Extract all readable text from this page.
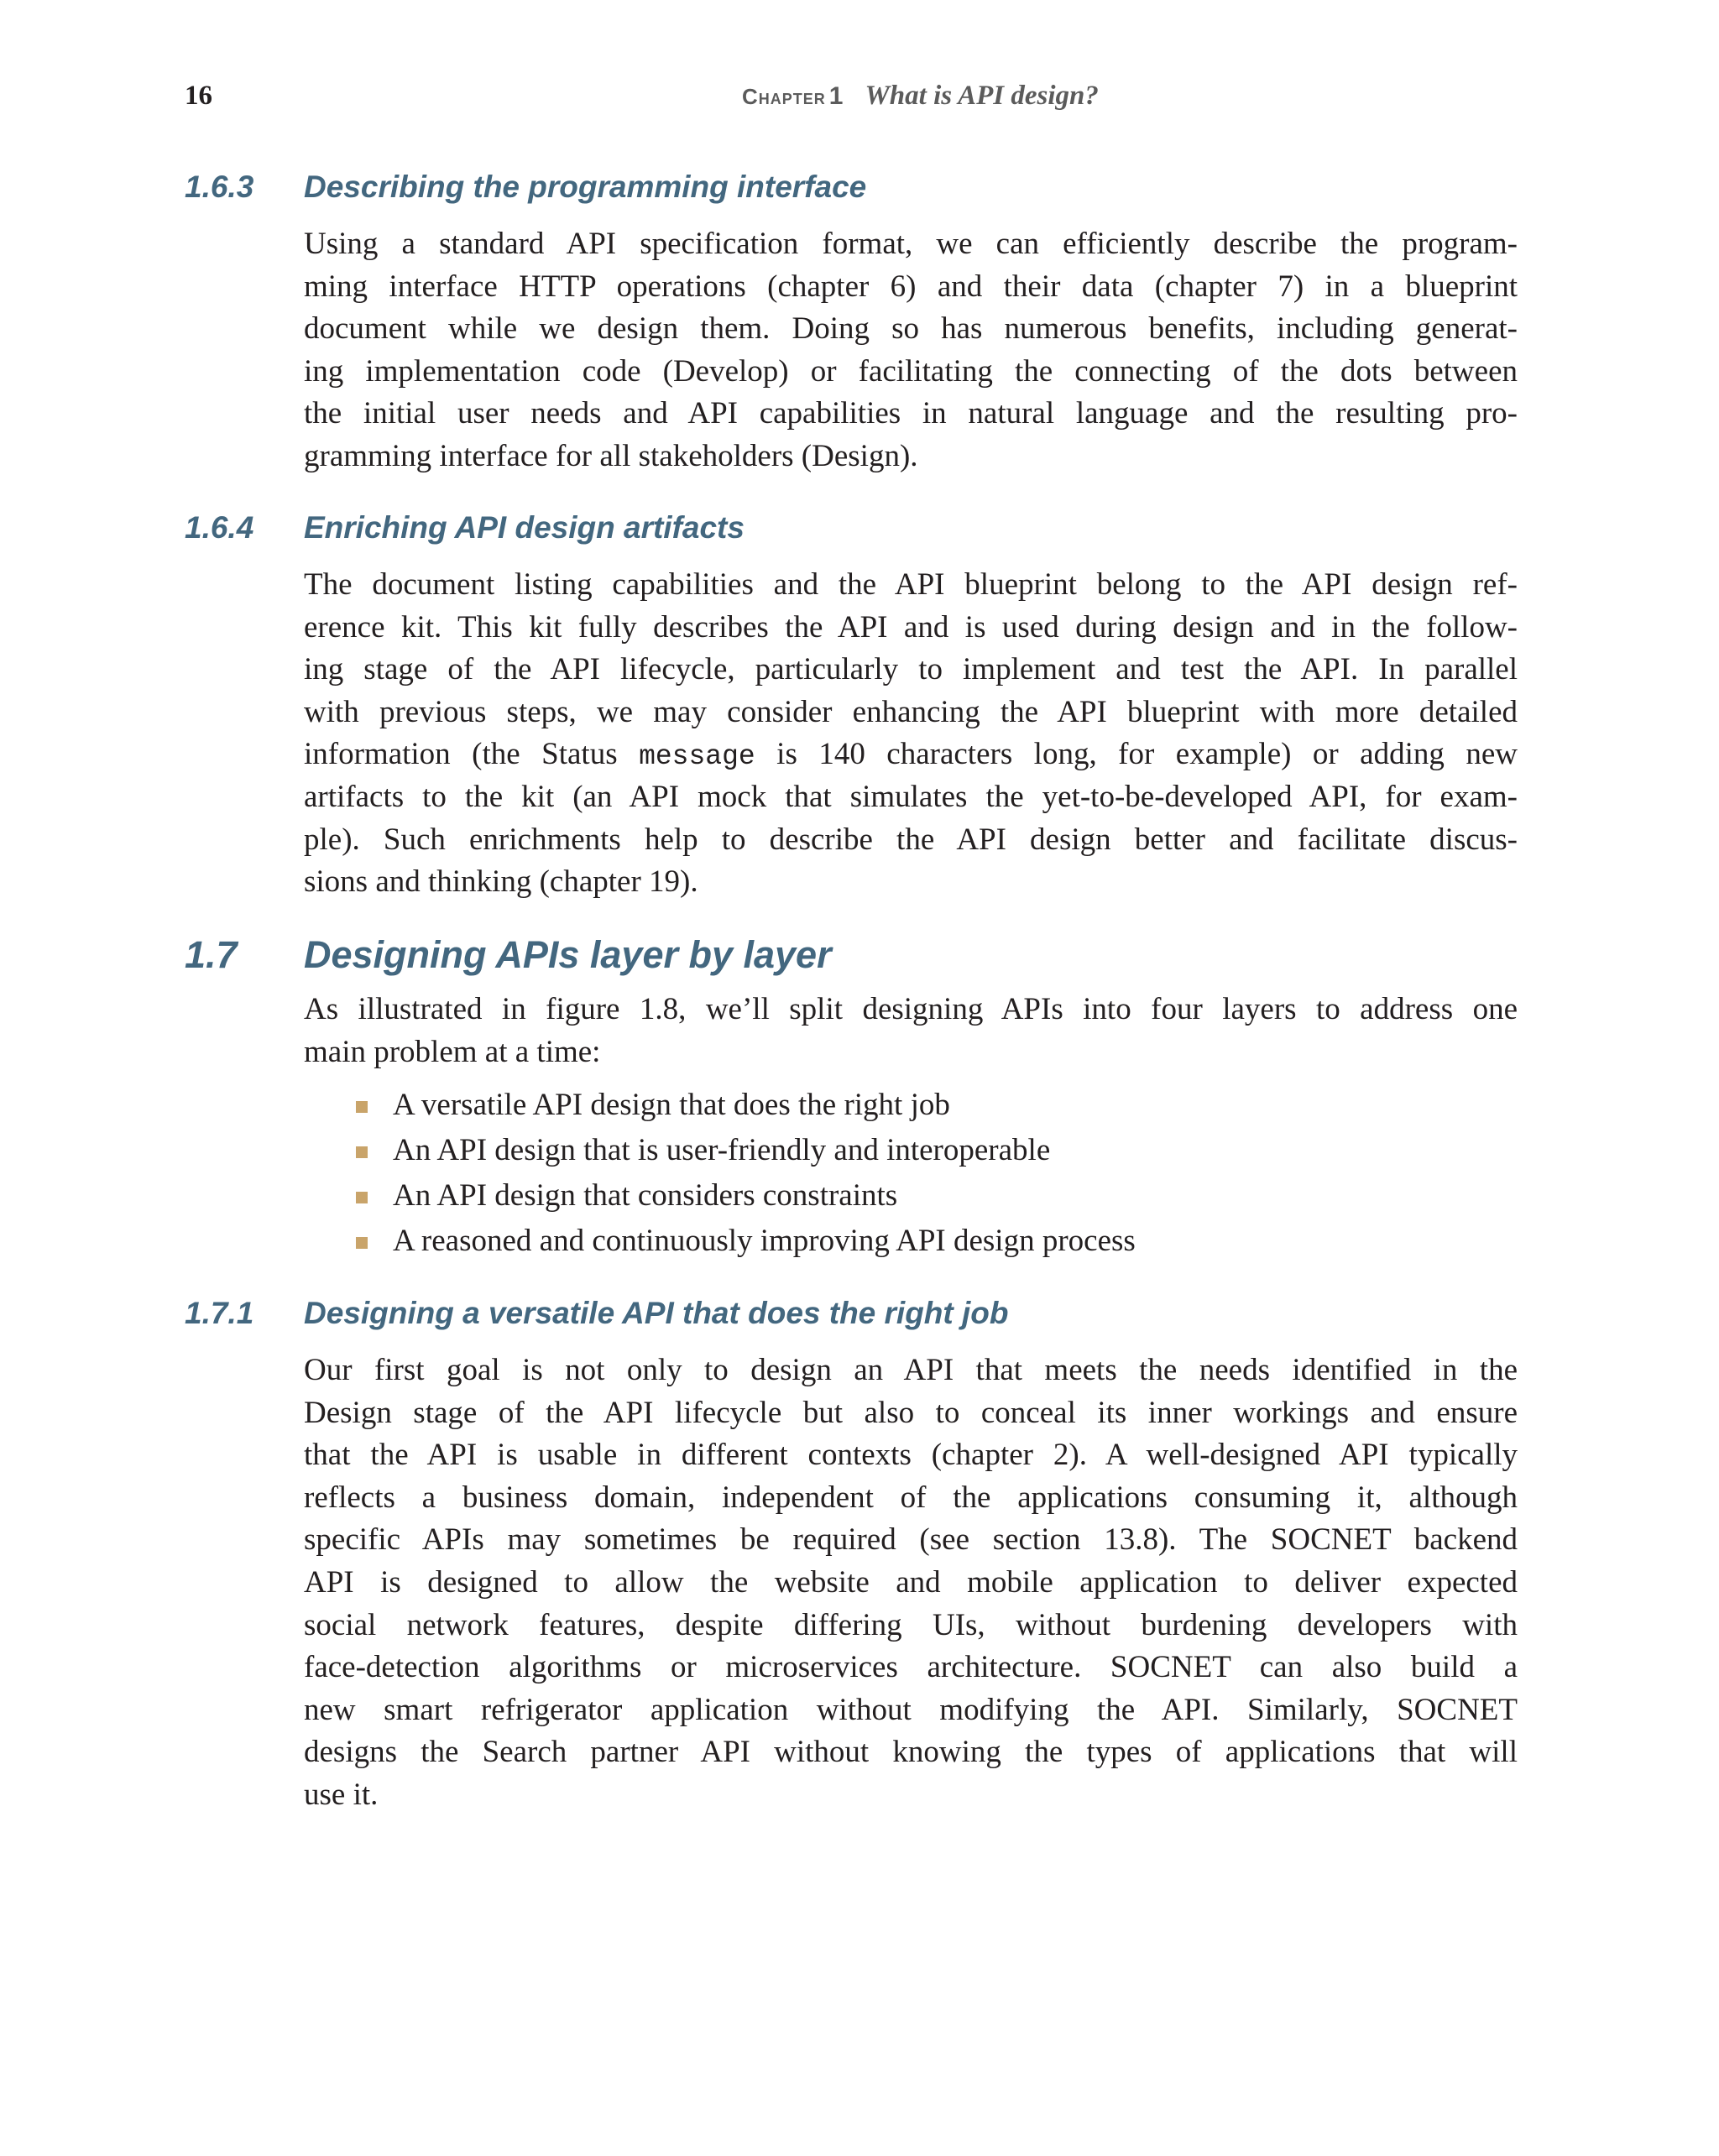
16	Chapter 1 What is API design?
1.6.3 Describing the programming interface
Using a standard API specification format, we can efficiently describe the program-
ming interface HTTP operations (chapter 6) and their data (chapter 7) in a blueprint
document while we design them. Doing so has numerous benefits, including generat-
ing implementation code (Develop) or facilitating the connecting of the dots between
the initial user needs and API capabilities in natural language and the resulting pro-
gramming interface for all stakeholders (Design).
1.6.4 Enriching API design artifacts
The document listing capabilities and the API blueprint belong to the API design ref-
erence kit. This kit fully describes the API and is used during design and in the follow-
ing stage of the API lifecycle, particularly to implement and test the API. In parallel
with previous steps, we may consider enhancing the API blueprint with more detailed
information (the Status message is 140 characters long, for example) or adding new
artifacts to the kit (an API mock that simulates the yet-to-be-developed API, for exam-
ple). Such enrichments help to describe the API design better and facilitate discus-
sions and thinking (chapter 19).
1.7 Designing APIs layer by layer
As illustrated in figure 1.8, we’ll split designing APIs into four layers to address one
main problem at a time:
A versatile API design that does the right job
An API design that is user-friendly and interoperable
An API design that considers constraints
A reasoned and continuously improving API design process
1.7.1 Designing a versatile API that does the right job
Our first goal is not only to design an API that meets the needs identified in the
Design stage of the API lifecycle but also to conceal its inner workings and ensure
that the API is usable in different contexts (chapter 2). A well-designed API typically
reflects a business domain, independent of the applications consuming it, although
specific APIs may sometimes be required (see section 13.8). The SOCNET backend
API is designed to allow the website and mobile application to deliver expected
social network features, despite differing UIs, without burdening developers with
face-detection algorithms or microservices architecture. SOCNET can also build a
new smart refrigerator application without modifying the API. Similarly, SOCNET
designs the Search partner API without knowing the types of applications that will
use it.
